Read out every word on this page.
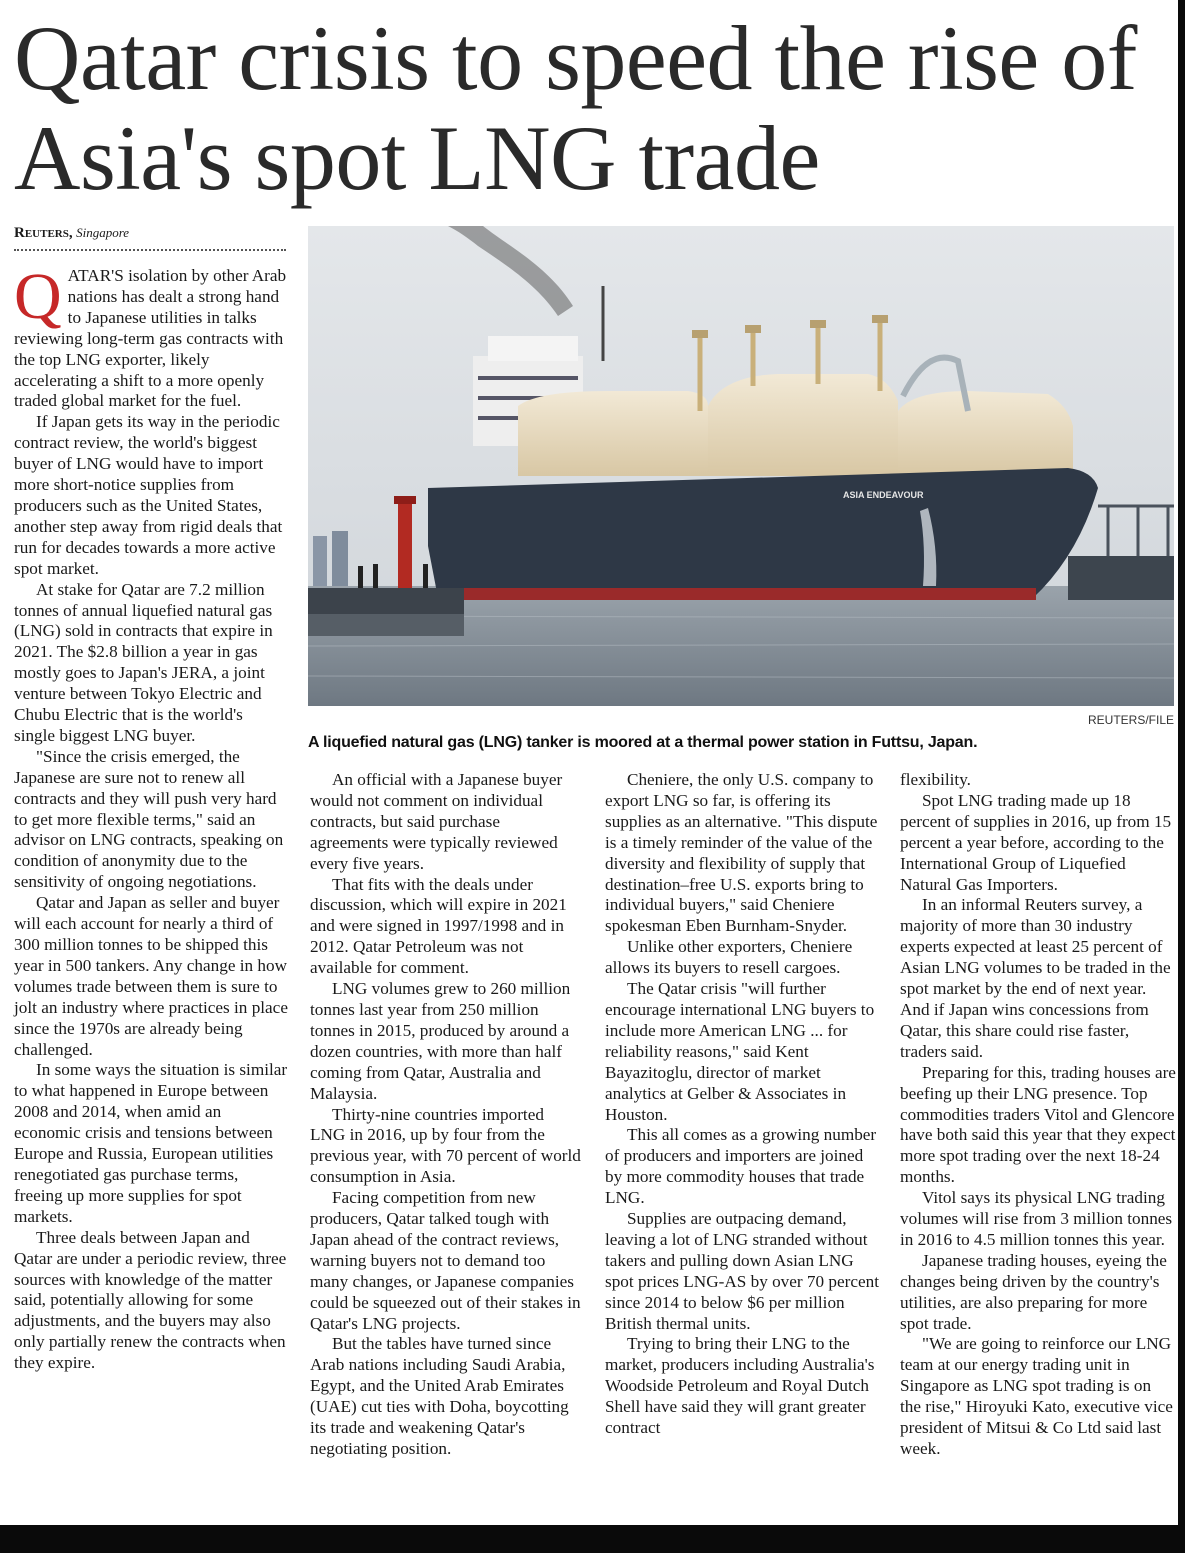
Qatar crisis to speed the rise of Asia's spot LNG trade
Reuters, Singapore

QATAR'S isolation by other Arab nations has dealt a strong hand to Japanese utilities in talks reviewing long-term gas contracts with the top LNG exporter, likely accelerating a shift to a more openly traded global market for the fuel.

If Japan gets its way in the periodic contract review, the world's biggest buyer of LNG would have to import more short-notice supplies from producers such as the United States, another step away from rigid deals that run for decades towards a more active spot market.

At stake for Qatar are 7.2 million tonnes of annual liquefied natural gas (LNG) sold in contracts that expire in 2021. The $2.8 billion a year in gas mostly goes to Japan's JERA, a joint venture between Tokyo Electric and Chubu Electric that is the world's single biggest LNG buyer.

"Since the crisis emerged, the Japanese are sure not to renew all contracts and they will push very hard to get more flexible terms," said an advisor on LNG contracts, speaking on condition of anonymity due to the sensitivity of ongoing negotiations.

Qatar and Japan as seller and buyer will each account for nearly a third of 300 million tonnes to be shipped this year in 500 tankers. Any change in how volumes trade between them is sure to jolt an industry where practices in place since the 1970s are already being challenged.

In some ways the situation is similar to what happened in Europe between 2008 and 2014, when amid an economic crisis and tensions between Europe and Russia, European utilities renegotiated gas purchase terms, freeing up more supplies for spot markets.

Three deals between Japan and Qatar are under a periodic review, three sources with knowledge of the matter said, potentially allowing for some adjustments, and the buyers may also only partially renew the contracts when they expire.

ASIA ENDEAVOUR
REUTERS/FILE
A liquefied natural gas (LNG) tanker is moored at a thermal power station in Futtsu, Japan.

An official with a Japanese buyer would not comment on individual contracts, but said purchase agreements were typically reviewed every five years.

That fits with the deals under discussion, which will expire in 2021 and were signed in 1997/1998 and in 2012. Qatar Petroleum was not available for comment.

LNG volumes grew to 260 million tonnes last year from 250 million tonnes in 2015, produced by around a dozen countries, with more than half coming from Qatar, Australia and Malaysia.

Thirty-nine countries imported LNG in 2016, up by four from the previous year, with 70 percent of world consumption in Asia.

Facing competition from new producers, Qatar talked tough with Japan ahead of the contract reviews, warning buyers not to demand too many changes, or Japanese companies could be squeezed out of their stakes in Qatar's LNG projects.

But the tables have turned since Arab nations including Saudi Arabia, Egypt, and the United Arab Emirates (UAE) cut ties with Doha, boycotting its trade and weakening Qatar's negotiating position.

Cheniere, the only U.S. company to export LNG so far, is offering its supplies as an alternative. "This dispute is a timely reminder of the value of the diversity and flexibility of supply that destination–free U.S. exports bring to individual buyers," said Cheniere spokesman Eben Burnham-Snyder.

Unlike other exporters, Cheniere allows its buyers to resell cargoes.

The Qatar crisis "will further encourage international LNG buyers to include more American LNG ... for reliability reasons," said Kent Bayazitoglu, director of market analytics at Gelber & Associates in Houston.

This all comes as a growing number of producers and importers are joined by more commodity houses that trade LNG.

Supplies are outpacing demand, leaving a lot of LNG stranded without takers and pulling down Asian LNG spot prices LNG-AS by over 70 percent since 2014 to below $6 per million British thermal units.

Trying to bring their LNG to the market, producers including Australia's Woodside Petroleum and Royal Dutch Shell have said they will grant greater contract

flexibility.

Spot LNG trading made up 18 percent of supplies in 2016, up from 15 percent a year before, according to the International Group of Liquefied Natural Gas Importers.

In an informal Reuters survey, a majority of more than 30 industry experts expected at least 25 percent of Asian LNG volumes to be traded in the spot market by the end of next year. And if Japan wins concessions from Qatar, this share could rise faster, traders said.

Preparing for this, trading houses are beefing up their LNG presence. Top commodities traders Vitol and Glencore have both said this year that they expect more spot trading over the next 18-24 months.

Vitol says its physical LNG trading volumes will rise from 3 million tonnes in 2016 to 4.5 million tonnes this year.

Japanese trading houses, eyeing the changes being driven by the country's utilities, are also preparing for more spot trade.

"We are going to reinforce our LNG team at our energy trading unit in Singapore as LNG spot trading is on the rise," Hiroyuki Kato, executive vice president of Mitsui & Co Ltd said last week.
